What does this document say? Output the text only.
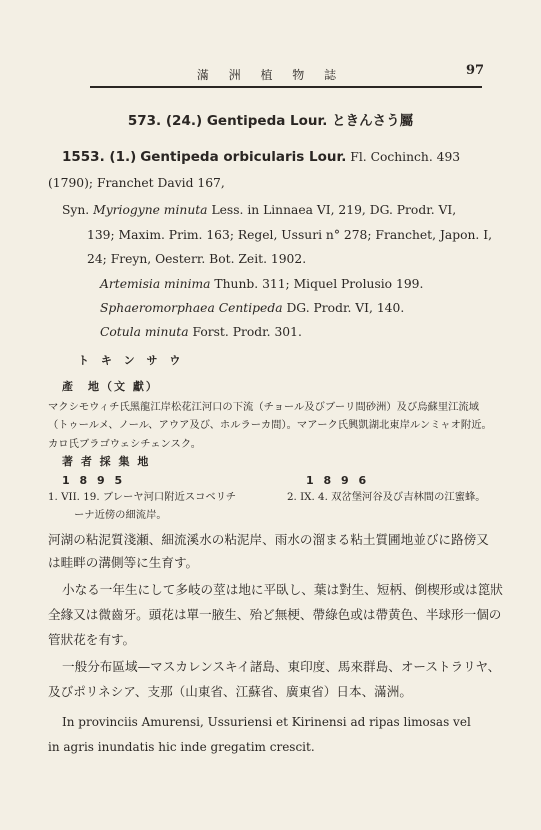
滿 洲 植 物 誌	97
573. (24.) Gentipeda Lour. ときんさう屬
1553. (1.) Gentipeda orbicularis Lour. Fl. Cochinch. 493
(1790); Franchet David 167,
Syn. Myriogyne minuta Less. in Linnaea VI, 219, DG. Prodr. VI,
139; Maxim. Prim. 163; Regel, Ussuri n° 278; Franchet, Japon. I,
24; Freyn, Oesterr. Bot. Zeit. 1902.
Artemisia minima Thunb. 311; Miquel Prolusio 199.
Sphaeromorphaea Centipeda DG. Prodr. VI, 140.
Cotula minuta Forst. Prodr. 301.
ト キ ン サ ウ
產　地（文 獻）
マクシモウィチ氏黑龍江岸松花江河口の下流（チョール及びブーリ間砂洲）及び烏蘇里江流域
（トゥールメ、ノール、アウア及び、ホルラーカ間）。マアーク氏興凱湖北東岸ルンミャオ附近。
カロ氏ブラゴウェシチェンスク。
著 者 採 集 地
1 8 9 5	1 8 9 6
1. VII. 19. ブレーヤ河口附近スコベリチ
ーナ近傍の細流岸。
2. IX. 4. 双岔堡河谷及び吉林間の江蜜蜂。
河湖の粘泥質淺瀬、細流溪水の粘泥岸、雨水の溜まる粘土質圃地並びに路傍又
は畦畔の溝側等に生育す。
小なる一年生にして多岐の莖は地に平臥し、葉は對生、短柄、倒楔形或は箆狀
全緣又は微齒牙。頭花は單一腋生、殆ど無梗、帶綠色或は帶黄色、半球形一個の
管狀花を有す。
一般分布區域—マスカレンスキイ諸島、東印度、馬來群島、オーストラリヤ、
及びポリネシア、支那（山東省、江蘇省、廣東省）日本、滿洲。
In provinciis Amurensi, Ussuriensi et Kirinensi ad ripas limosas vel
in agris inundatis hic inde gregatim crescit.
